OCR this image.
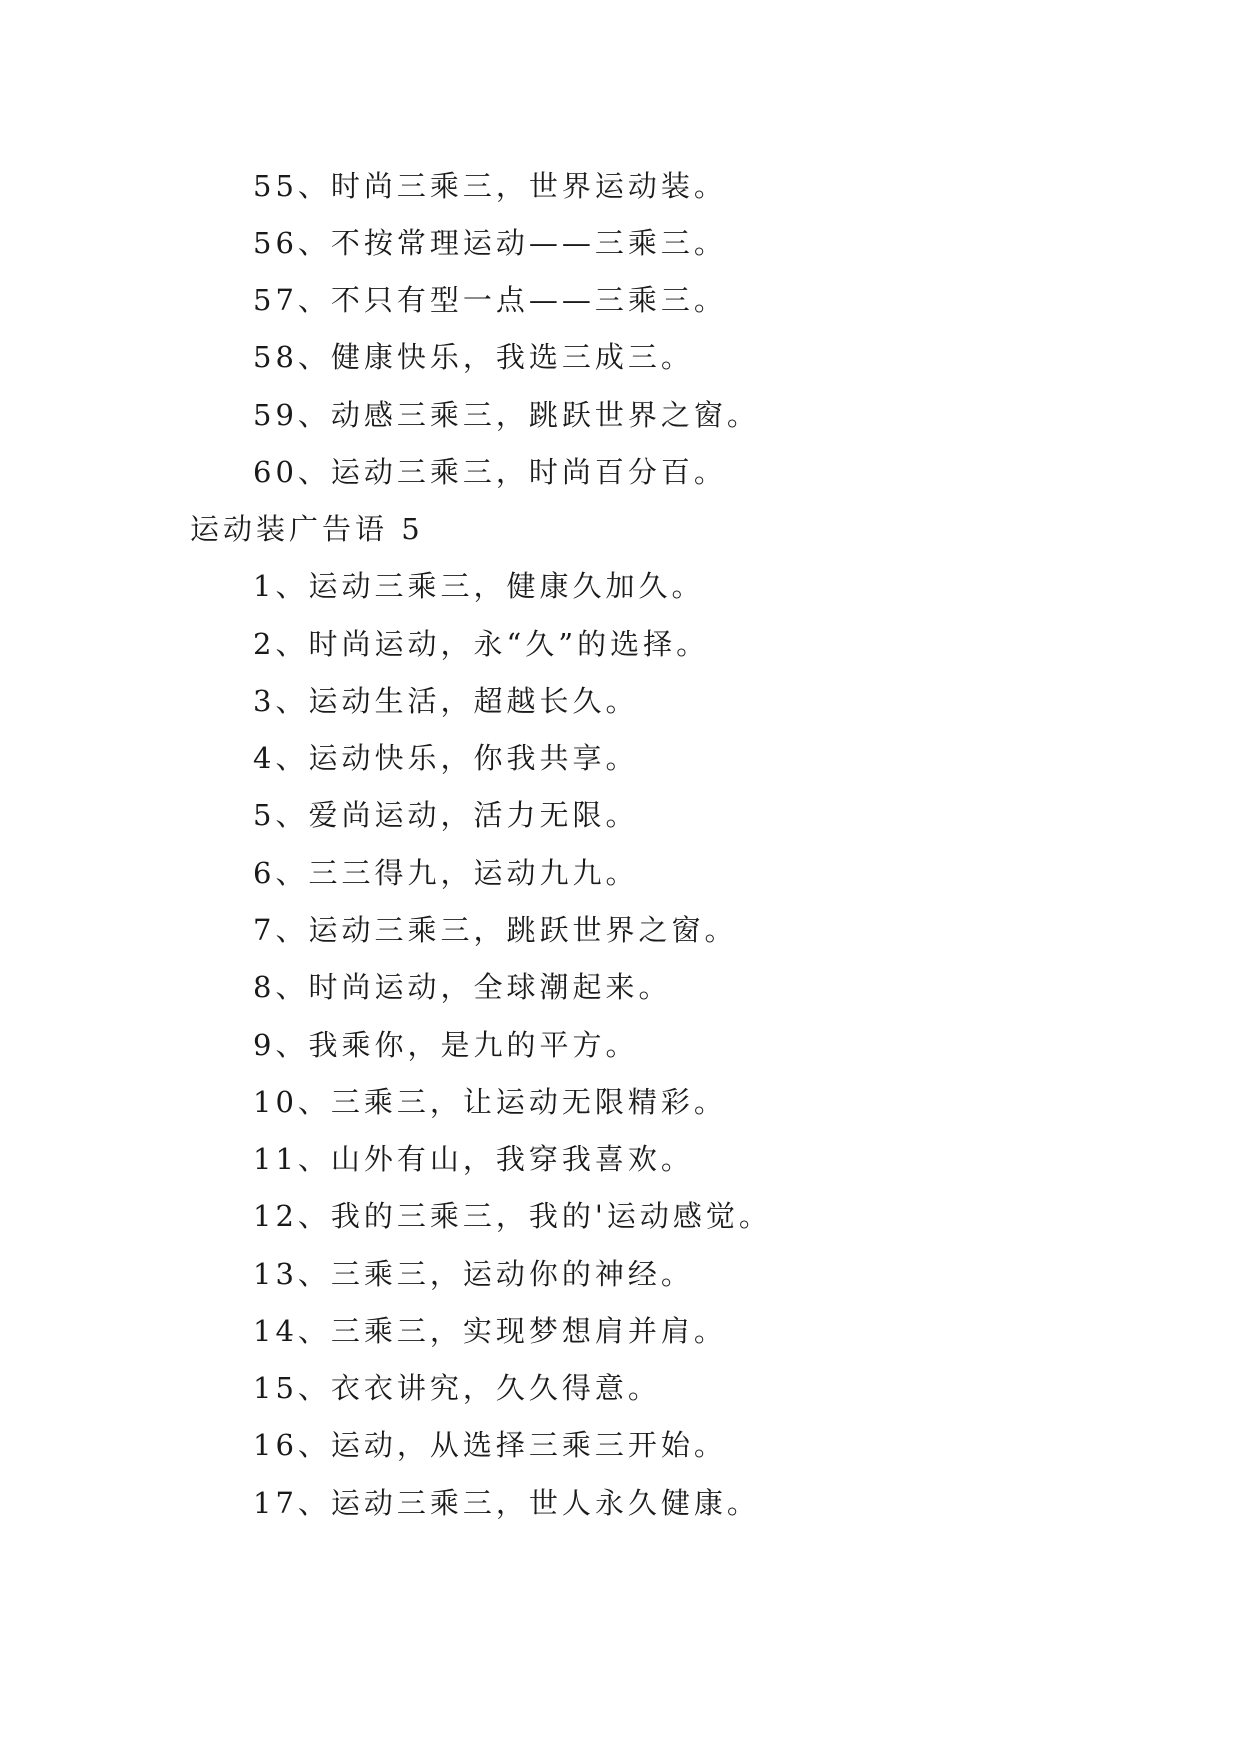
55、时尚三乘三，世界运动装。
56、不按常理运动——三乘三。
57、不只有型一点——三乘三。
58、健康快乐，我选三成三。
59、动感三乘三，跳跃世界之窗。
60、运动三乘三，时尚百分百。
运动装广告语 5
1、运动三乘三，健康久加久。
2、时尚运动，永“久”的选择。
3、运动生活，超越长久。
4、运动快乐，你我共享。
5、爱尚运动，活力无限。
6、三三得九，运动九九。
7、运动三乘三，跳跃世界之窗。
8、时尚运动，全球潮起来。
9、我乘你，是九的平方。
10、三乘三，让运动无限精彩。
11、山外有山，我穿我喜欢。
12、我的三乘三，我的'运动感觉。
13、三乘三，运动你的神经。
14、三乘三，实现梦想肩并肩。
15、衣衣讲究，久久得意。
16、运动，从选择三乘三开始。
17、运动三乘三，世人永久健康。
